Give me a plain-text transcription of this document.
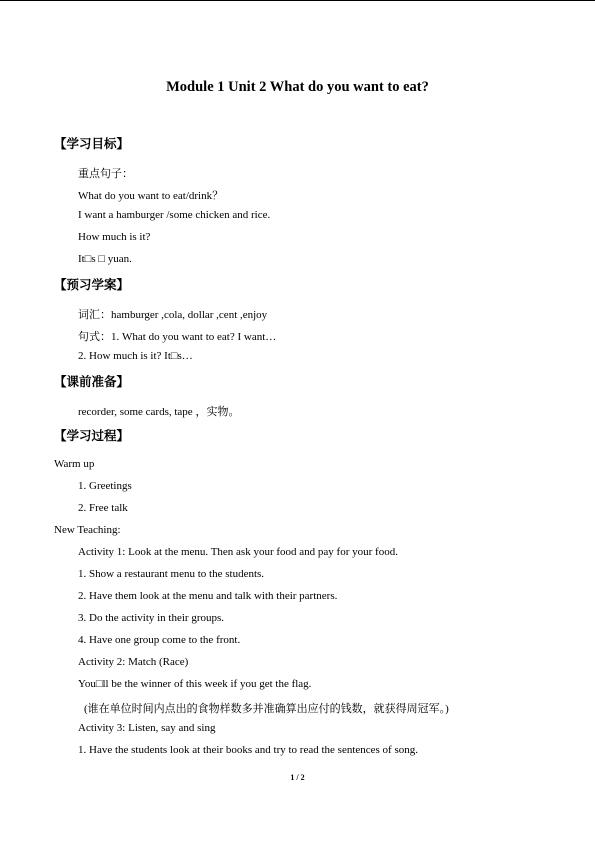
Module 1 Unit 2 What do you want to eat?
【学习目标】
重点句子：
What do you want to eat/drink？
I want a hamburger /some chicken and rice.
How much is it?
It□s □ yuan.
【预习学案】
词汇：hamburger ,cola, dollar ,cent ,enjoy
句式：1. What do you want to eat? I want…
2. How much is it? It□s…
【课前准备】
recorder, some cards, tape ，实物。
【学习过程】
Warm up
1. Greetings
2. Free talk
New Teaching:
Activity 1: Look at the menu. Then ask your food and pay for your food.
1. Show a restaurant menu to the students.
2. Have them look at the menu and talk with their partners.
3. Do the activity in their groups.
4. Have one group come to the front.
Activity 2: Match (Race)
You□ll be the winner of this week if you get the flag.
(谁在单位时间内点出的食物样数多并准确算出应付的钱数，就获得周冠军。)
Activity 3: Listen, say and sing
1. Have the students look at their books and try to read the sentences of song.
1 / 2
